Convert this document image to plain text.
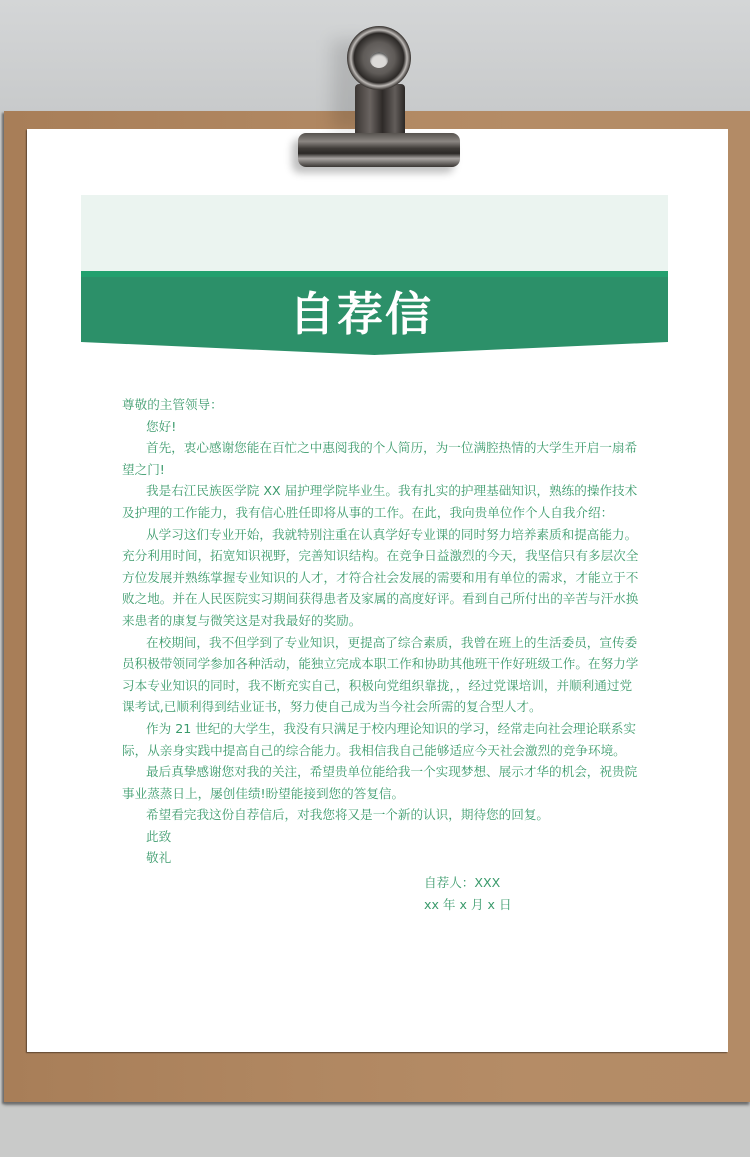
自荐信

尊敬的主管领导：

您好!

首先，衷心感谢您能在百忙之中惠阅我的个人简历，为一位满腔热情的大学生开启一扇希望之门!

我是右江民族医学院 XX 届护理学院毕业生。我有扎实的护理基础知识，熟练的操作技术及护理的工作能力，我有信心胜任即将从事的工作。在此，我向贵单位作个人自我介绍：

从学习这们专业开始，我就特别注重在认真学好专业课的同时努力培养素质和提高能力。充分利用时间，拓宽知识视野，完善知识结构。在竞争日益激烈的今天，我坚信只有多层次全方位发展并熟练掌握专业知识的人才，才符合社会发展的需要和用有单位的需求，才能立于不败之地。并在人民医院实习期间获得患者及家属的高度好评。看到自己所付出的辛苦与汗水换来患者的康复与微笑这是对我最好的奖励。

在校期间，我不但学到了专业知识，更提高了综合素质，我曾在班上的生活委员，宣传委员积极带领同学参加各种活动，能独立完成本职工作和协助其他班干作好班级工作。在努力学习本专业知识的同时，我不断充实自己，积极向党组织靠拢，，经过党课培训，并顺利通过党课考试,已顺利得到结业证书，努力使自己成为当今社会所需的复合型人才。

作为 21 世纪的大学生，我没有只满足于校内理论知识的学习，经常走向社会理论联系实际，从亲身实践中提高自己的综合能力。我相信我自己能够适应今天社会激烈的竞争环境。

最后真挚感谢您对我的关注，希望贵单位能给我一个实现梦想、展示才华的机会，祝贵院事业蒸蒸日上，屡创佳绩!盼望能接到您的答复信。

希望看完我这份自荐信后，对我您将又是一个新的认识，期待您的回复。

此致

敬礼

自荐人：XXX

xx 年 x 月 x 日
